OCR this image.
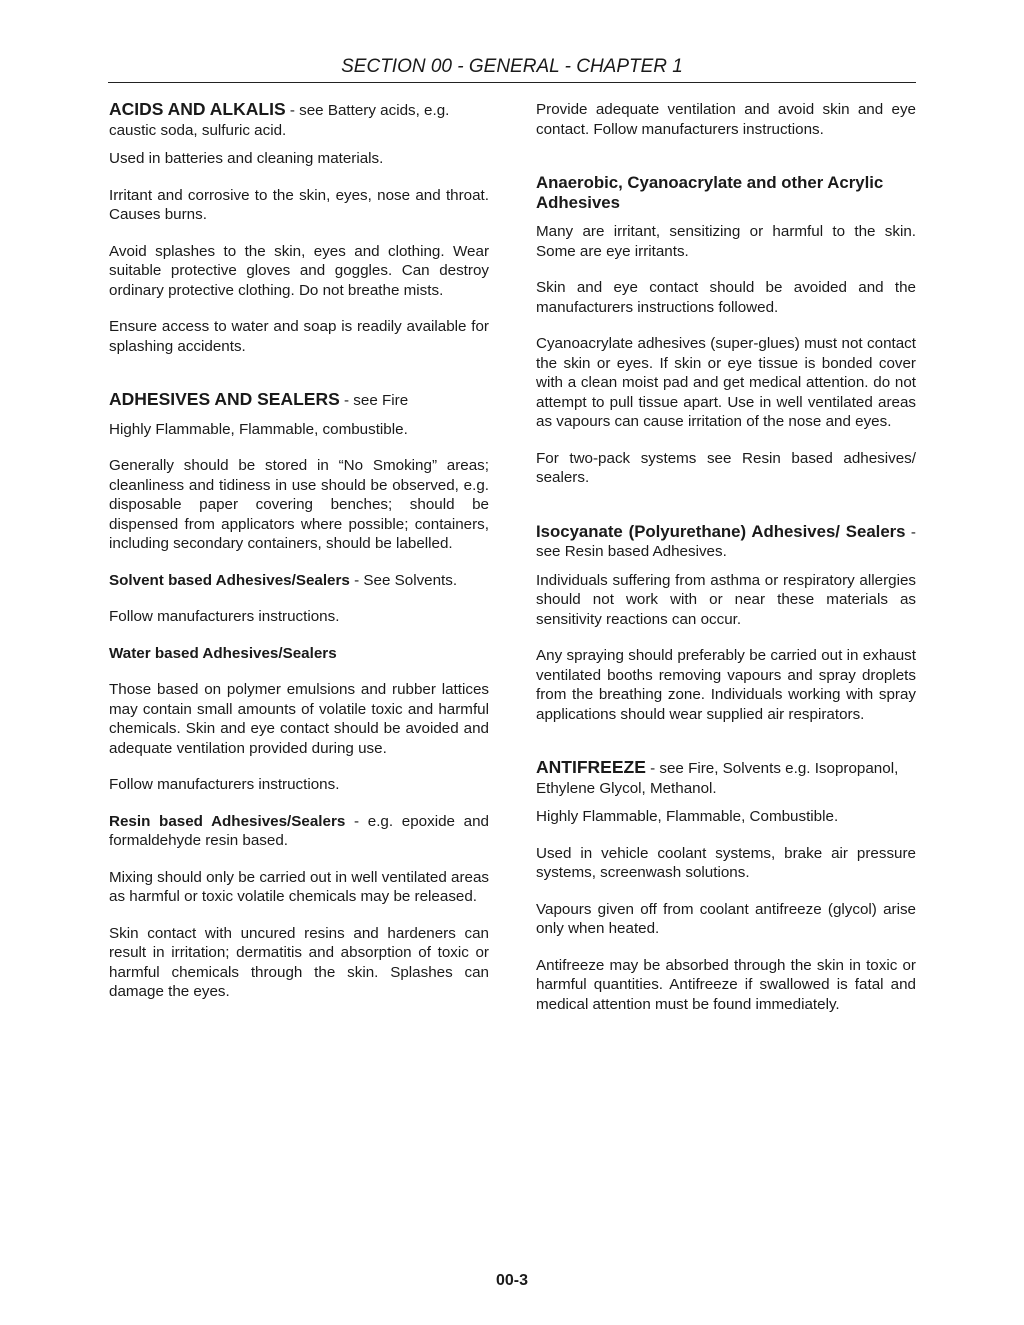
SECTION 00 - GENERAL - CHAPTER 1

ACIDS AND ALKALIS - see Battery acids, e.g. caustic soda, sulfuric acid.

Used in batteries and cleaning materials.

Irritant and corrosive to the skin, eyes, nose and throat. Causes burns.

Avoid splashes to the skin, eyes and clothing. Wear suitable protective gloves and goggles. Can destroy ordinary protective clothing. Do not breathe mists.

Ensure access to water and soap is readily available for splashing accidents.

ADHESIVES AND SEALERS - see Fire

Highly Flammable, Flammable, combustible.

Generally should be stored in “No Smoking” areas; cleanliness and tidiness in use should be observed, e.g. disposable paper covering benches; should be dispensed from applicators where possible; containers, including secondary containers, should be labelled.

Solvent based Adhesives/Sealers - See Solvents.

Follow manufacturers instructions.

Water based Adhesives/Sealers

Those based on polymer emulsions and rubber lattices may contain small amounts of volatile toxic and harmful chemicals. Skin and eye contact should be avoided and adequate ventilation provided during use.

Follow manufacturers instructions.

Resin based Adhesives/Sealers - e.g. epoxide and formaldehyde resin based.

Mixing should only be carried out in well ventilated areas as harmful or toxic volatile chemicals may be released.

Skin contact with uncured resins and hardeners can result in irritation; dermatitis and absorption of toxic or harmful chemicals through the skin. Splashes can damage the eyes.

Provide adequate ventilation and avoid skin and eye contact. Follow manufacturers instructions.

Anaerobic, Cyanoacrylate and other Acrylic Adhesives

Many are irritant, sensitizing or harmful to the skin. Some are eye irritants.

Skin and eye contact should be avoided and the manufacturers instructions followed.

Cyanoacrylate adhesives (super-glues) must not contact the skin or eyes. If skin or eye tissue is bonded cover with a clean moist pad and get medical attention. do not attempt to pull tissue apart. Use in well ventilated areas as vapours can cause irritation of the nose and eyes.

For two-pack systems see Resin based adhesives/ sealers.

Isocyanate (Polyurethane) Adhesives/ Sealers - see Resin based Adhesives.

Individuals suffering from asthma or respiratory allergies should not work with or near these materials as sensitivity reactions can occur.

Any spraying should preferably be carried out in exhaust ventilated booths removing vapours and spray droplets from the breathing zone. Individuals working with spray applications should wear supplied air respirators.

ANTIFREEZE - see Fire, Solvents e.g. Isopropanol, Ethylene Glycol, Methanol.

Highly Flammable, Flammable, Combustible.

Used in vehicle coolant systems, brake air pressure systems, screenwash solutions.

Vapours given off from coolant antifreeze (glycol) arise only when heated.

Antifreeze may be absorbed through the skin in toxic or harmful quantities. Antifreeze if swallowed is fatal and medical attention must be found immediately.

00-3
